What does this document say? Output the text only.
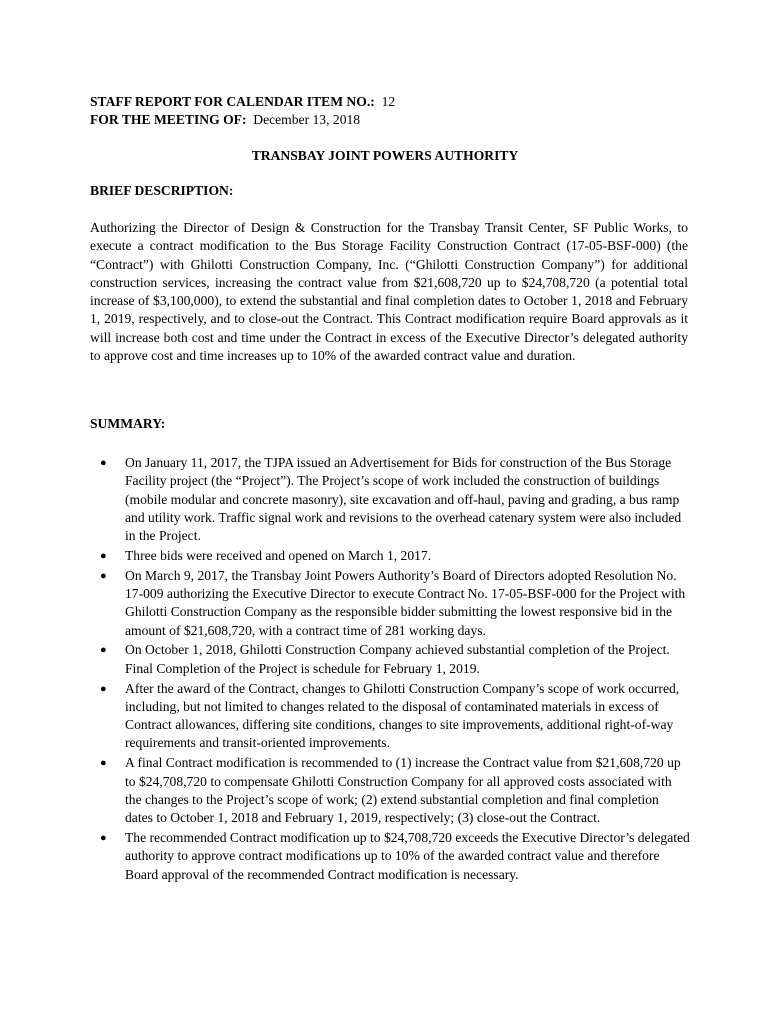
STAFF REPORT FOR CALENDAR ITEM NO.: 12
FOR THE MEETING OF: December 13, 2018
TRANSBAY JOINT POWERS AUTHORITY
BRIEF DESCRIPTION:

Authorizing the Director of Design & Construction for the Transbay Transit Center, SF Public Works, to execute a contract modification to the Bus Storage Facility Construction Contract (17-05-BSF-000) (the “Contract”) with Ghilotti Construction Company, Inc. (“Ghilotti Construction Company”) for additional construction services, increasing the contract value from $21,608,720 up to $24,708,720 (a potential total increase of $3,100,000), to extend the substantial and final completion dates to October 1, 2018 and February 1, 2019, respectively, and to close-out the Contract. This Contract modification require Board approvals as it will increase both cost and time under the Contract in excess of the Executive Director’s delegated authority to approve cost and time increases up to 10% of the awarded contract value and duration.

SUMMARY:
● On January 11, 2017, the TJPA issued an Advertisement for Bids for construction of the Bus Storage Facility project (the “Project”). The Project’s scope of work included the construction of buildings (mobile modular and concrete masonry), site excavation and off-haul, paving and grading, a bus ramp and utility work. Traffic signal work and revisions to the overhead catenary system were also included in the Project.
● Three bids were received and opened on March 1, 2017.
● On March 9, 2017, the Transbay Joint Powers Authority’s Board of Directors adopted Resolution No. 17-009 authorizing the Executive Director to execute Contract No. 17-05-BSF-000 for the Project with Ghilotti Construction Company as the responsible bidder submitting the lowest responsive bid in the amount of $21,608,720, with a contract time of 281 working days.
● On October 1, 2018, Ghilotti Construction Company achieved substantial completion of the Project. Final Completion of the Project is schedule for February 1, 2019.
● After the award of the Contract, changes to Ghilotti Construction Company’s scope of work occurred, including, but not limited to changes related to the disposal of contaminated materials in excess of Contract allowances, differing site conditions, changes to site improvements, additional right-of-way requirements and transit-oriented improvements.
● A final Contract modification is recommended to (1) increase the Contract value from $21,608,720 up to $24,708,720 to compensate Ghilotti Construction Company for all approved costs associated with the changes to the Project’s scope of work; (2) extend substantial completion and final completion dates to October 1, 2018 and February 1, 2019, respectively; (3) close-out the Contract.
● The recommended Contract modification up to $24,708,720 exceeds the Executive Director’s delegated authority to approve contract modifications up to 10% of the awarded contract value and therefore Board approval of the recommended Contract modification is necessary.
